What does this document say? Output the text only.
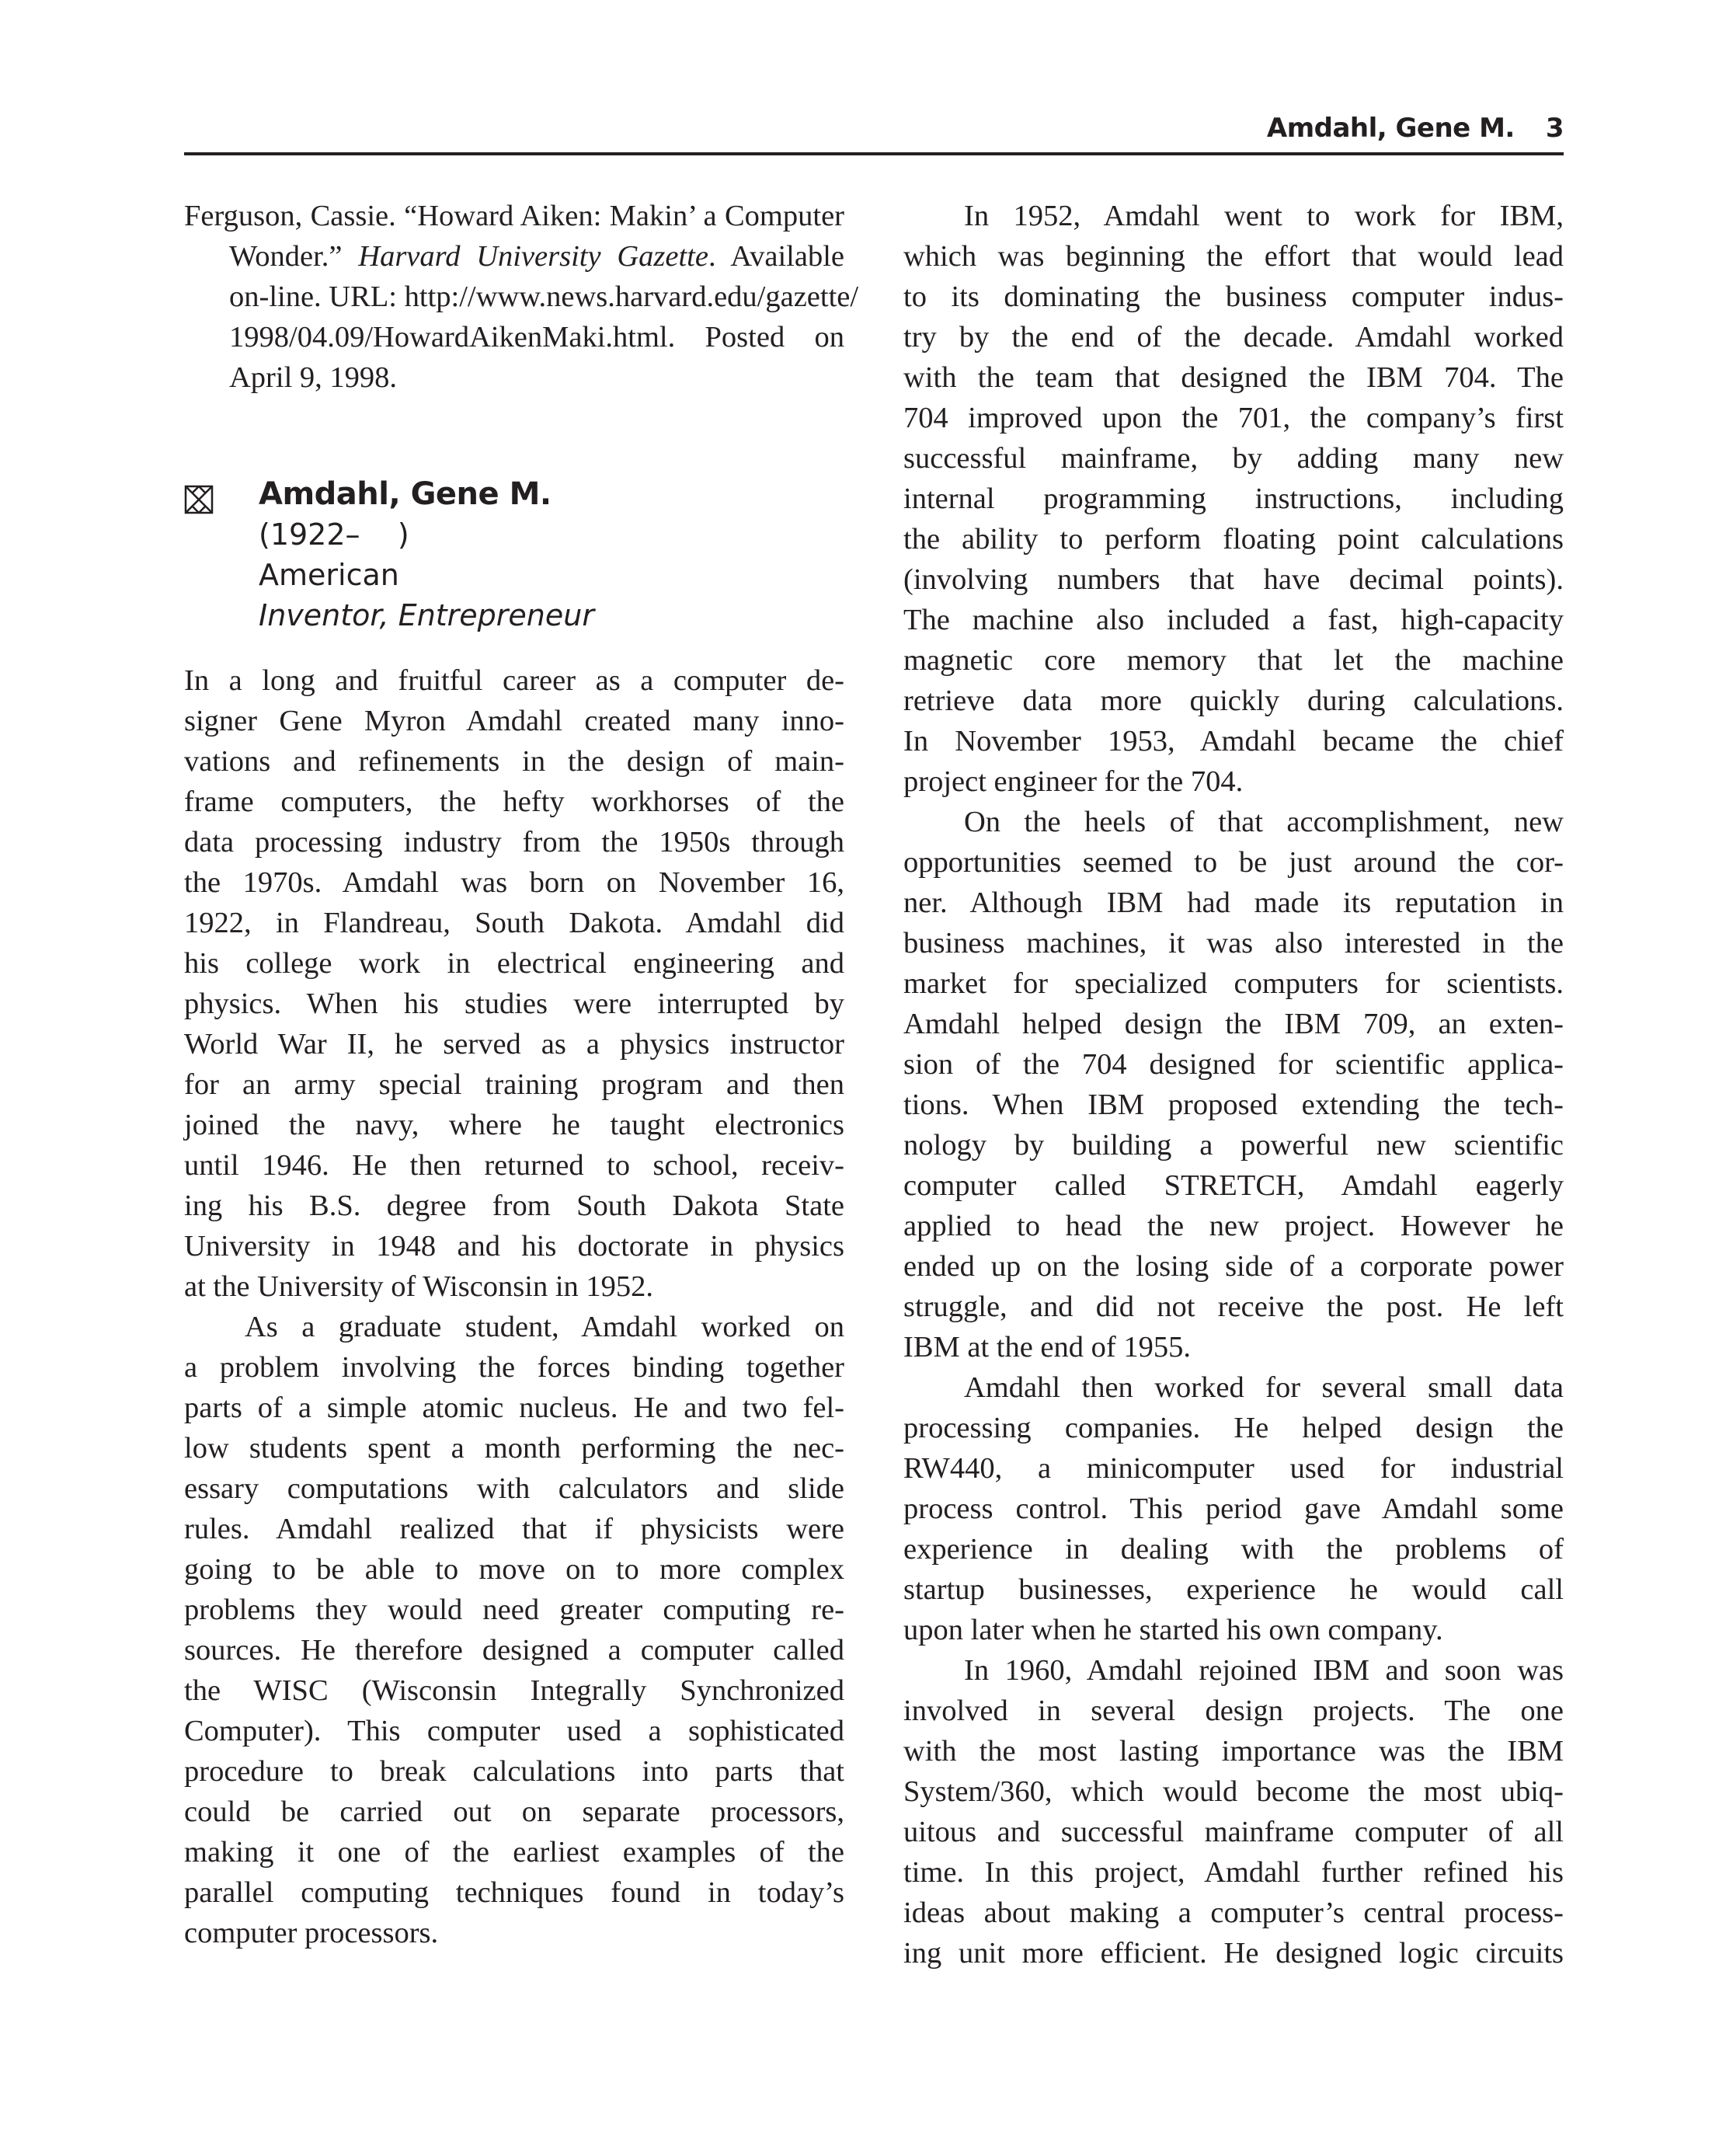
Amdahl, Gene M. 3
Ferguson, Cassie. “Howard Aiken: Makin’ a Computer
Wonder.” Harvard University Gazette. Available
on-line. URL: http://www.news.harvard.edu/gazette/
1998/04.09/HowardAikenMaki.html. Posted on
April 9, 1998.
Amdahl, Gene M.
(1922–    )
American
Inventor, Entrepreneur
In a long and fruitful career as a computer de-
signer Gene Myron Amdahl created many inno-
vations and refinements in the design of main-
frame computers, the hefty workhorses of the
data processing industry from the 1950s through
the 1970s. Amdahl was born on November 16,
1922, in Flandreau, South Dakota. Amdahl did
his college work in electrical engineering and
physics. When his studies were interrupted by
World War II, he served as a physics instructor
for an army special training program and then
joined the navy, where he taught electronics
until 1946. He then returned to school, receiv-
ing his B.S. degree from South Dakota State
University in 1948 and his doctorate in physics
at the University of Wisconsin in 1952.
As a graduate student, Amdahl worked on
a problem involving the forces binding together
parts of a simple atomic nucleus. He and two fel-
low students spent a month performing the nec-
essary computations with calculators and slide
rules. Amdahl realized that if physicists were
going to be able to move on to more complex
problems they would need greater computing re-
sources. He therefore designed a computer called
the WISC (Wisconsin Integrally Synchronized
Computer). This computer used a sophisticated
procedure to break calculations into parts that
could be carried out on separate processors,
making it one of the earliest examples of the
parallel computing techniques found in today’s
computer processors.
In 1952, Amdahl went to work for IBM,
which was beginning the effort that would lead
to its dominating the business computer indus-
try by the end of the decade. Amdahl worked
with the team that designed the IBM 704. The
704 improved upon the 701, the company’s first
successful mainframe, by adding many new
internal programming instructions, including
the ability to perform floating point calculations
(involving numbers that have decimal points).
The machine also included a fast, high-capacity
magnetic core memory that let the machine
retrieve data more quickly during calculations.
In November 1953, Amdahl became the chief
project engineer for the 704.
On the heels of that accomplishment, new
opportunities seemed to be just around the cor-
ner. Although IBM had made its reputation in
business machines, it was also interested in the
market for specialized computers for scientists.
Amdahl helped design the IBM 709, an exten-
sion of the 704 designed for scientific applica-
tions. When IBM proposed extending the tech-
nology by building a powerful new scientific
computer called STRETCH, Amdahl eagerly
applied to head the new project. However he
ended up on the losing side of a corporate power
struggle, and did not receive the post. He left
IBM at the end of 1955.
Amdahl then worked for several small data
processing companies. He helped design the
RW440, a minicomputer used for industrial
process control. This period gave Amdahl some
experience in dealing with the problems of
startup businesses, experience he would call
upon later when he started his own company.
In 1960, Amdahl rejoined IBM and soon was
involved in several design projects. The one
with the most lasting importance was the IBM
System/360, which would become the most ubiq-
uitous and successful mainframe computer of all
time. In this project, Amdahl further refined his
ideas about making a computer’s central process-
ing unit more efficient. He designed logic circuits
